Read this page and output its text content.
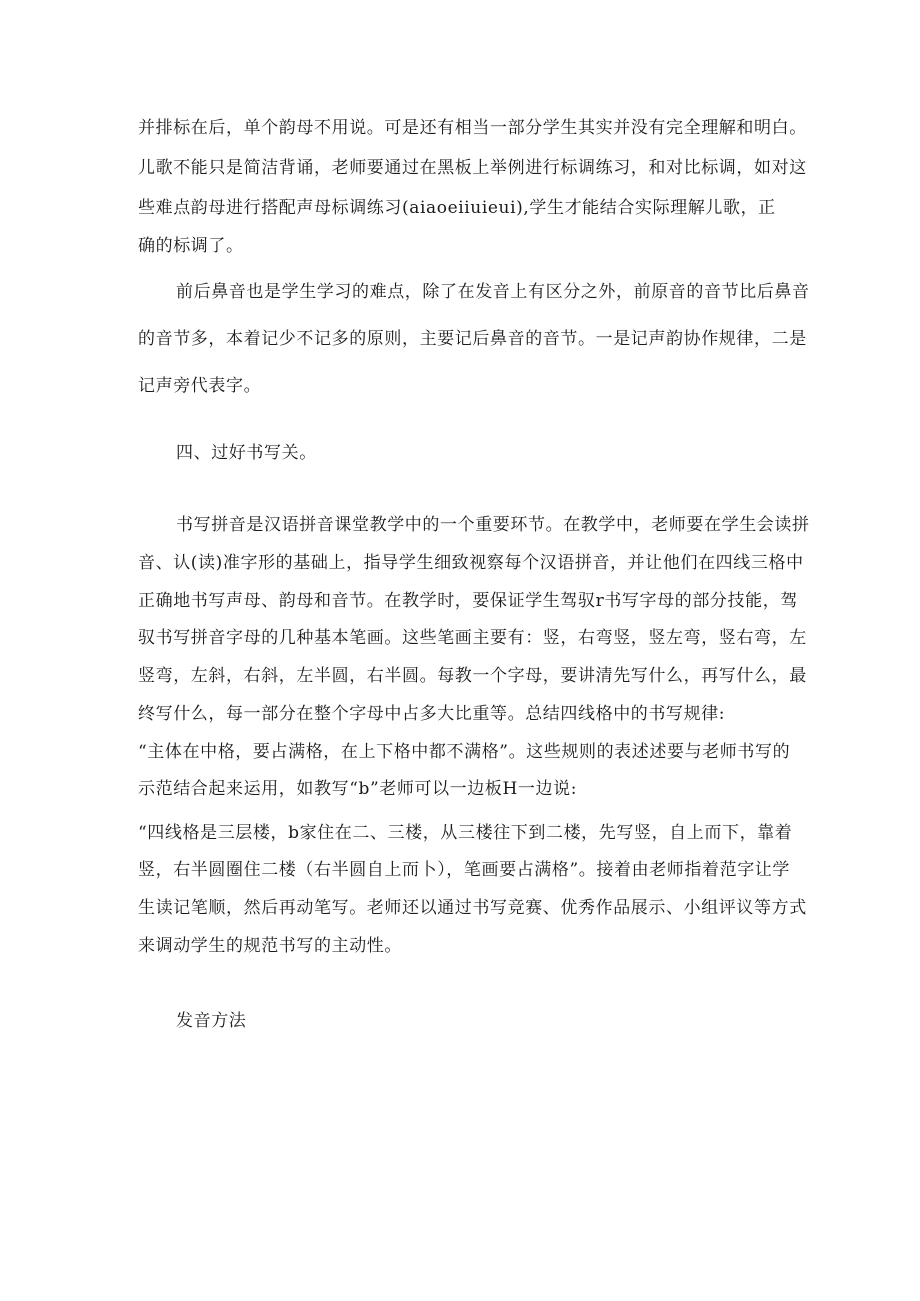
并排标在后，单个韵母不用说。可是还有相当一部分学生其实并没有完全理解和明白。
儿歌不能只是简洁背诵，老师要通过在黑板上举例进行标调练习，和对比标调，如对这
些难点韵母进行搭配声母标调练习(aiaoeiiuieui),学生才能结合实际理解儿歌，正
确的标调了。
前后鼻音也是学生学习的难点，除了在发音上有区分之外，前原音的音节比后鼻音
的音节多，本着记少不记多的原则，主要记后鼻音的音节。一是记声韵协作规律，二是
记声旁代表字。
四、过好书写关。
书写拼音是汉语拼音课堂教学中的一个重要环节。在教学中，老师要在学生会读拼
音、认(读)准字形的基础上，指导学生细致视察每个汉语拼音，并让他们在四线三格中
正确地书写声母、韵母和音节。在教学时，要保证学生驾驭r书写字母的部分技能，驾
驭书写拼音字母的几种基本笔画。这些笔画主要有：竖，右弯竖，竖左弯，竖右弯，左
竖弯，左斜，右斜，左半圆，右半圆。每教一个字母，要讲清先写什么，再写什么，最
终写什么，每一部分在整个字母中占多大比重等。总结四线格中的书写规律:
“主体在中格，要占满格，在上下格中都不满格”。这些规则的表述述要与老师书写的
示范结合起来运用，如教写“b”老师可以一边板H一边说:
“四线格是三层楼，b家住在二、三楼，从三楼往下到二楼，先写竖，自上而下，靠着
竖，右半圆圈住二楼（右半圆自上而卜），笔画要占满格”。接着由老师指着范字让学
生读记笔顺，然后再动笔写。老师还以通过书写竞赛、优秀作品展示、小组评议等方式
来调动学生的规范书写的主动性。
发音方法
